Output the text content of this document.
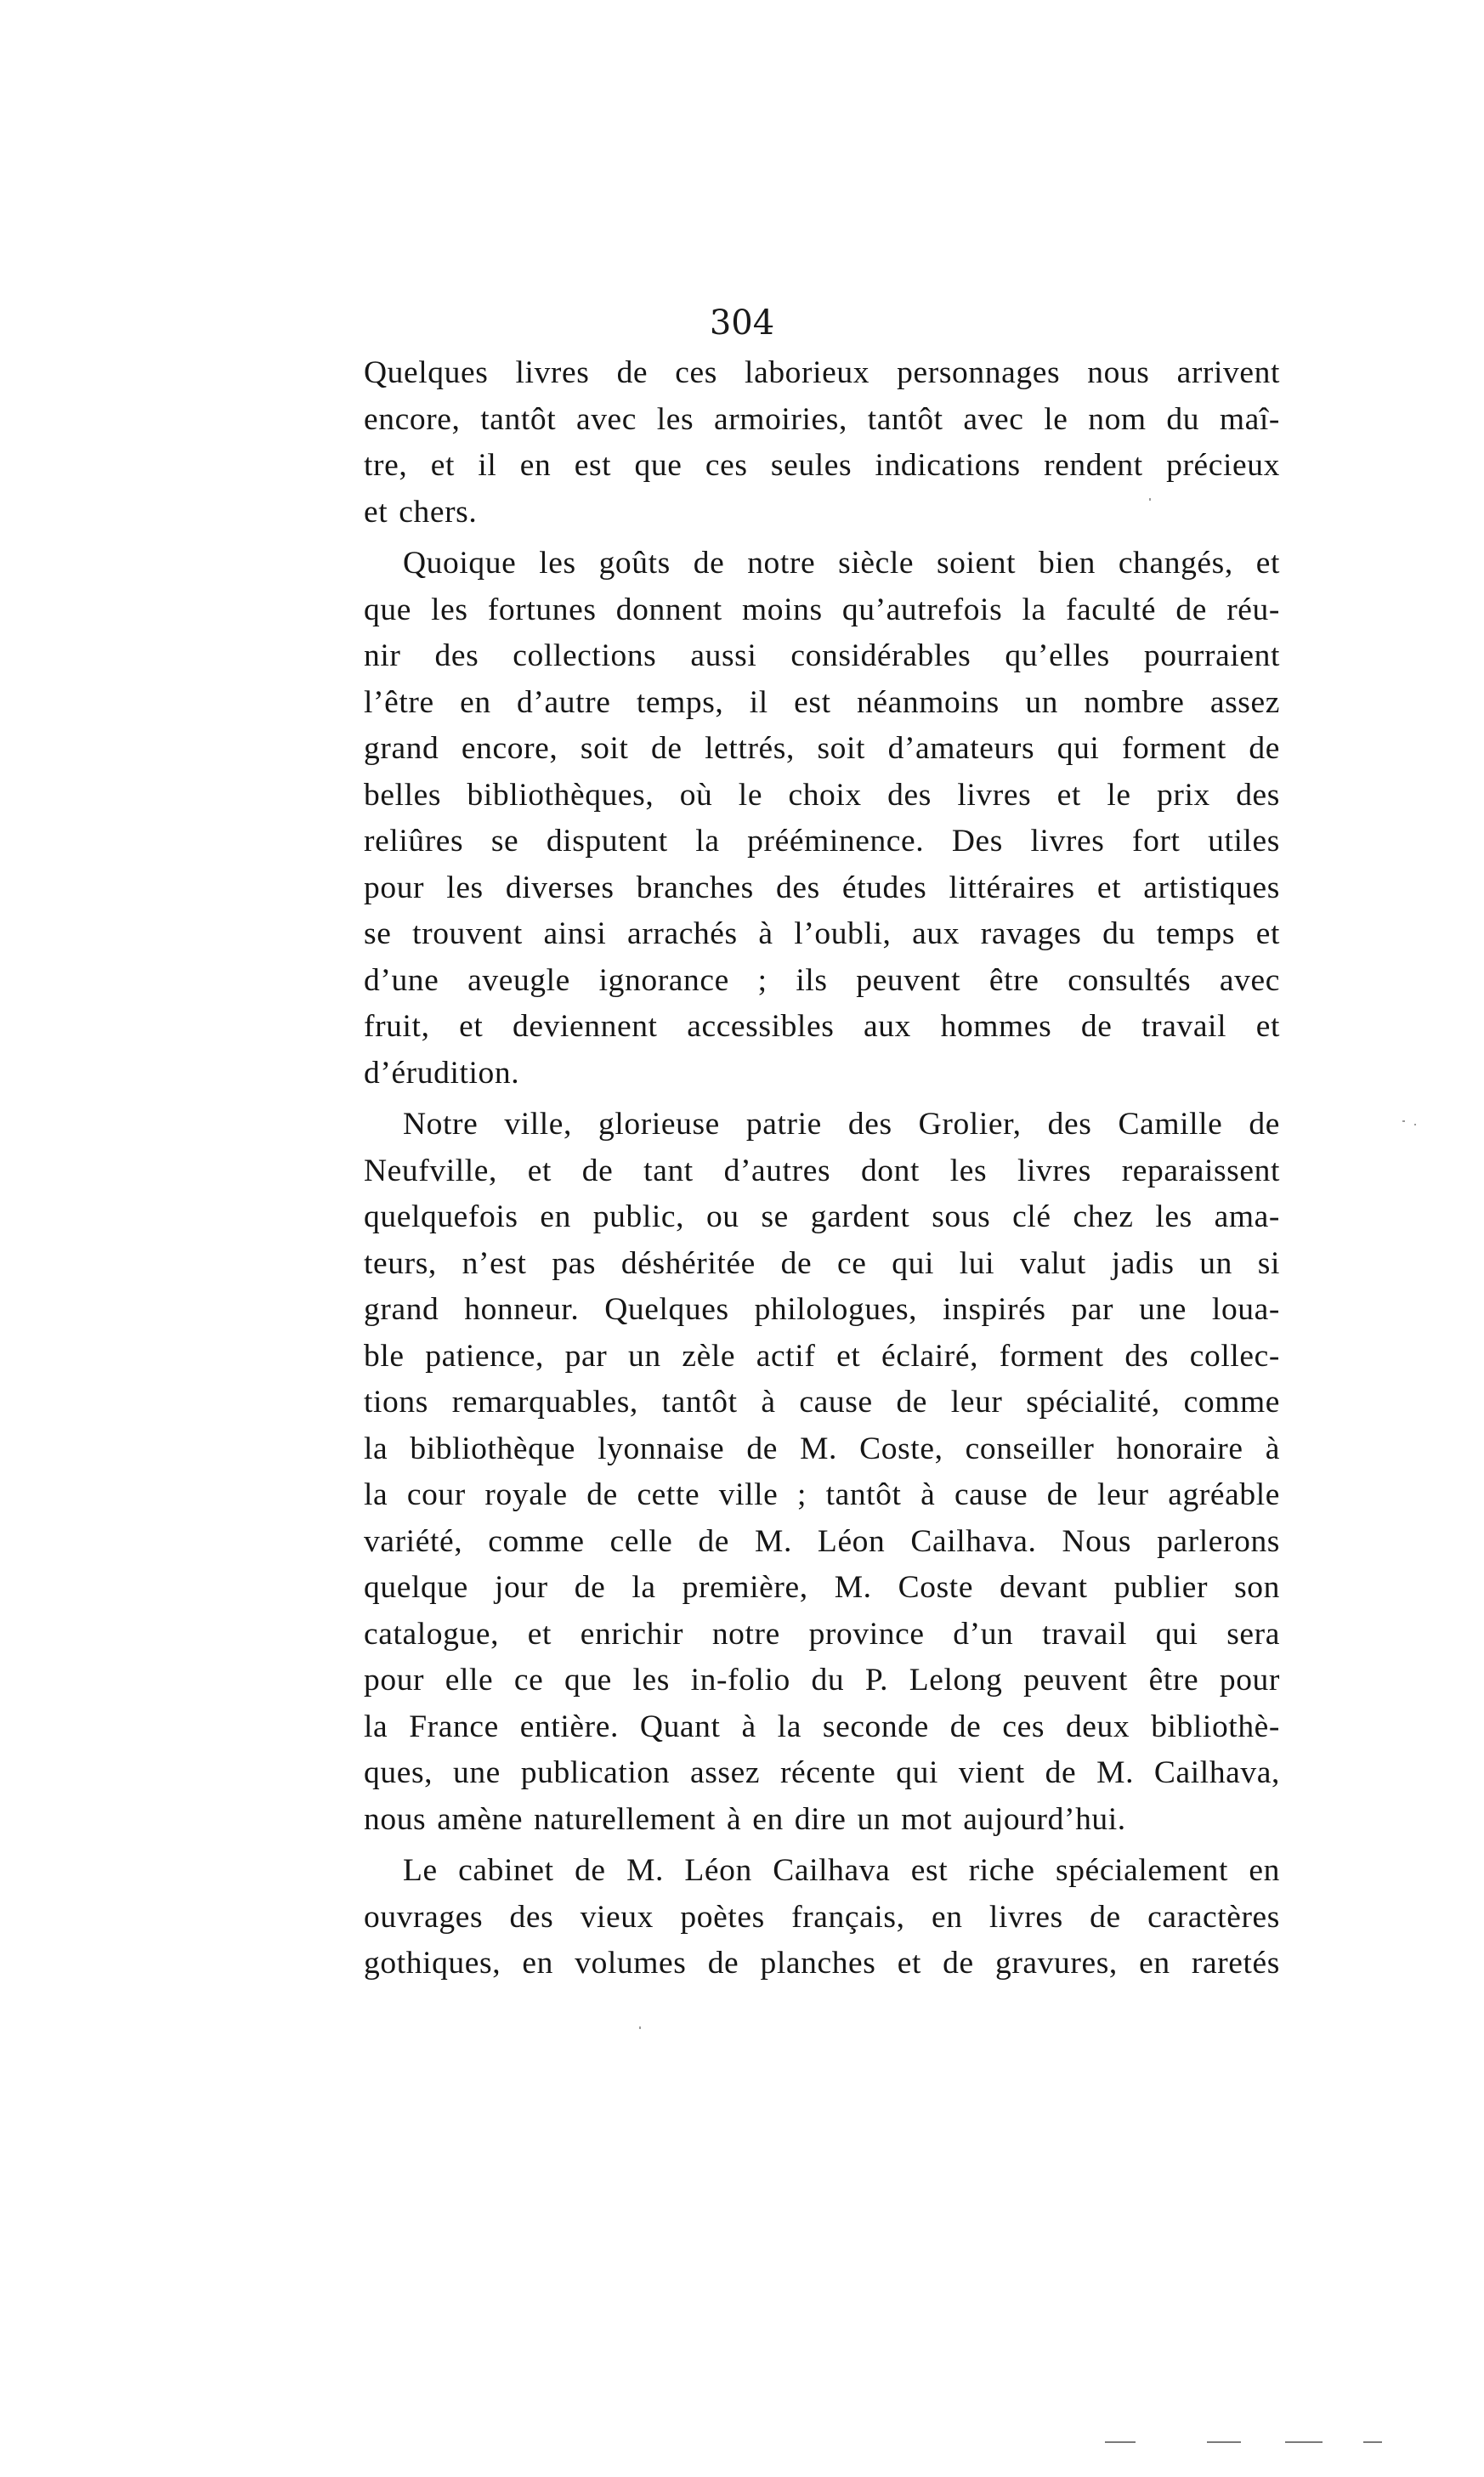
304

Quelques livres de ces laborieux personnages nous arrivent
encore, tantôt avec les armoiries, tantôt avec le nom du maî-
tre, et il en est que ces seules indications rendent précieux
et chers.

Quoique les goûts de notre siècle soient bien changés, et
que les fortunes donnent moins qu’autrefois la faculté de réu-
nir des collections aussi considérables qu’elles pourraient
l’être en d’autre temps, il est néanmoins un nombre assez
grand encore, soit de lettrés, soit d’amateurs qui forment de
belles bibliothèques, où le choix des livres et le prix des
reliûres se disputent la prééminence. Des livres fort utiles
pour les diverses branches des études littéraires et artistiques
se trouvent ainsi arrachés à l’oubli, aux ravages du temps et
d’une aveugle ignorance ; ils peuvent être consultés avec
fruit, et deviennent accessibles aux hommes de travail et
d’érudition.

Notre ville, glorieuse patrie des Grolier, des Camille de
Neufville, et de tant d’autres dont les livres reparaissent
quelquefois en public, ou se gardent sous clé chez les ama-
teurs, n’est pas déshéritée de ce qui lui valut jadis un si
grand honneur. Quelques philologues, inspirés par une loua-
ble patience, par un zèle actif et éclairé, forment des collec-
tions remarquables, tantôt à cause de leur spécialité, comme
la bibliothèque lyonnaise de M. Coste, conseiller honoraire à
la cour royale de cette ville ; tantôt à cause de leur agréable
variété, comme celle de M. Léon Cailhava. Nous parlerons
quelque jour de la première, M. Coste devant publier son
catalogue, et enrichir notre province d’un travail qui sera
pour elle ce que les in-folio du P. Lelong peuvent être pour
la France entière. Quant à la seconde de ces deux bibliothè-
ques, une publication assez récente qui vient de M. Cailhava,
nous amène naturellement à en dire un mot aujourd’hui.

Le cabinet de M. Léon Cailhava est riche spécialement en
ouvrages des vieux poètes français, en livres de caractères
gothiques, en volumes de planches et de gravures, en raretés
